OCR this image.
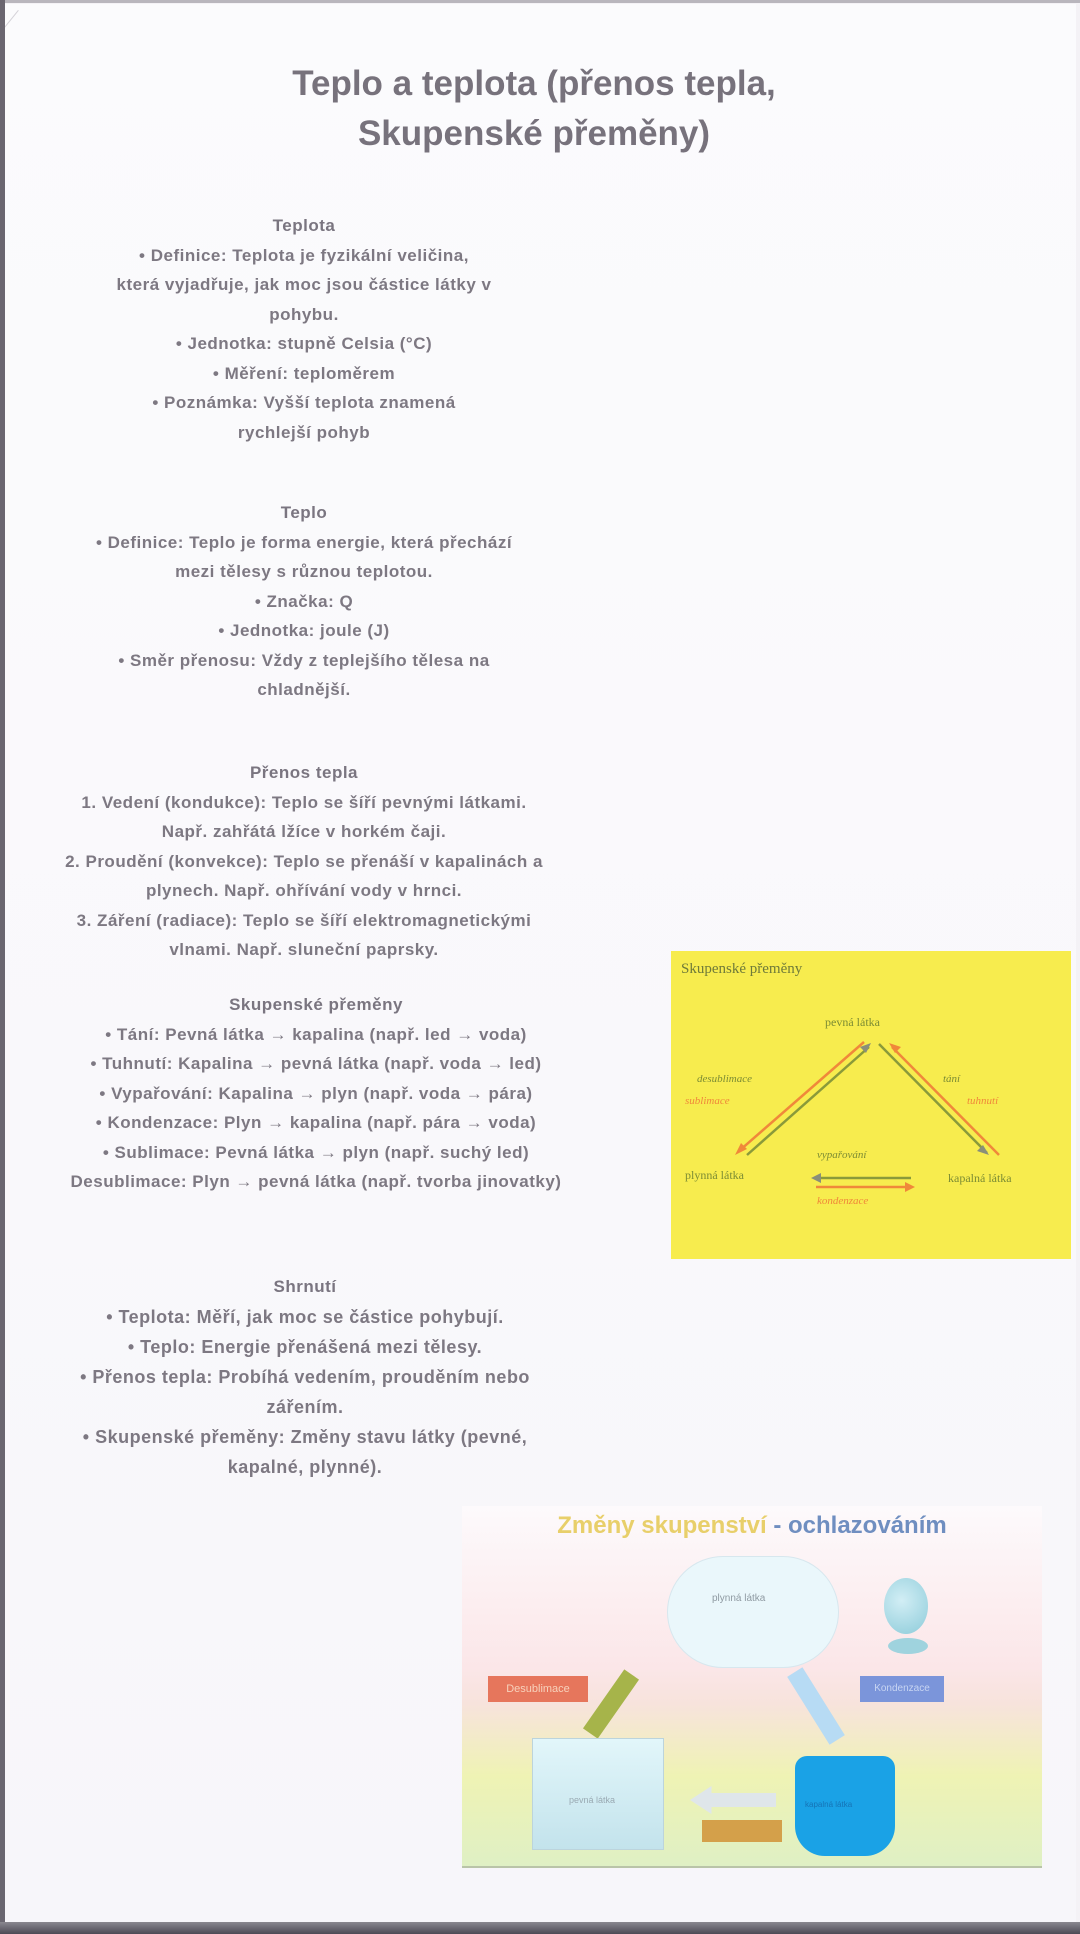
Teplo a teplota (přenos tepla,
Skupenské přeměny)
Teplota

• Definice: Teplota je fyzikální veličina,

která vyjadřuje, jak moc jsou částice látky v

pohybu.

• Jednotka: stupně Celsia (°C)

• Měření: teploměrem

• Poznámka: Vyšší teplota znamená

rychlejší pohyb

Teplo

• Definice: Teplo je forma energie, která přechází

mezi tělesy s různou teplotou.

• Značka: Q

• Jednotka: joule (J)

• Směr přenosu: Vždy z teplejšího tělesa na

chladnější.

Přenos tepla

1. Vedení (kondukce): Teplo se šíří pevnými látkami.

Např. zahřátá lžíce v horkém čaji.

2. Proudění (konvekce): Teplo se přenáší v kapalinách a

plynech. Např. ohřívání vody v hrnci.

3. Záření (radiace): Teplo se šíří elektromagnetickými

vlnami. Např. sluneční paprsky.

Skupenské přeměny

• Tání: Pevná látka → kapalina (např. led → voda)

• Tuhnutí: Kapalina → pevná látka (např. voda → led)

• Vypařování: Kapalina → plyn (např. voda → pára)

• Kondenzace: Plyn → kapalina (např. pára → voda)

• Sublimace: Pevná látka → plyn (např. suchý led)

Desublimace: Plyn → pevná látka (např. tvorba jinovatky)

Shrnutí

• Teplota: Měří, jak moc se částice pohybují.

• Teplo: Energie přenášená mezi tělesy.

• Přenos tepla: Probíhá vedením, prouděním nebo

zářením.

• Skupenské přeměny: Změny stavu látky (pevné,

kapalné, plynné).

Skupenské přeměny
pevná látka
plynná látka	kapalná látka
desublimace
sublimace
tání
tuhnutí
vypařování
kondenzace
Změny skupenství - ochlazováním
plynná látka
Desublimace	Kondenzace
pevná látka	kapalná látka
